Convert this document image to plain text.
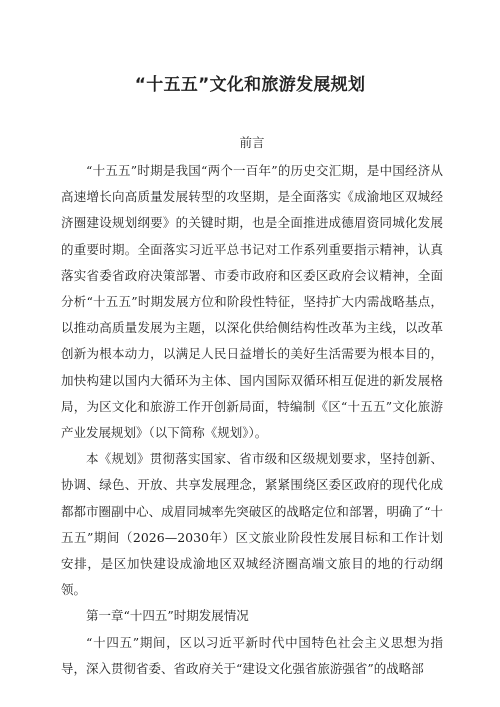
“十五五”文化和旅游发展规划
前言

“十五五”时期是我国“两个一百年”的历史交汇期，是中国经济从高速增长向高质量发展转型的攻坚期，是全面落实《成渝地区双城经济圈建设规划纲要》的关键时期，也是全面推进成德眉资同城化发展的重要时期。全面落实习近平总书记对工作系列重要指示精神，认真落实省委省政府决策部署、市委市政府和区委区政府会议精神，全面分析“十五五”时期发展方位和阶段性特征，坚持扩大内需战略基点，以推动高质量发展为主题，以深化供给侧结构性改革为主线，以改革创新为根本动力，以满足人民日益增长的美好生活需要为根本目的，加快构建以国内大循环为主体、国内国际双循环相互促进的新发展格局，为区文化和旅游工作开创新局面，特编制《区“十五五”文化旅游产业发展规划》（以下简称《规划》）。

本《规划》贯彻落实国家、省市级和区级规划要求，坚持创新、协调、绿色、开放、共享发展理念，紧紧围绕区委区政府的现代化成都都市圈副中心、成眉同城率先突破区的战略定位和部署，明确了“十五五”期间（2026—2030年）区文旅业阶段性发展目标和工作计划安排，是区加快建设成渝地区双城经济圈高端文旅目的地的行动纲领。

第一章“十四五”时期发展情况

“十四五”期间，区以习近平新时代中国特色社会主义思想为指导，深入贯彻省委、省政府关于“建设文化强省旅游强省”的战略部
